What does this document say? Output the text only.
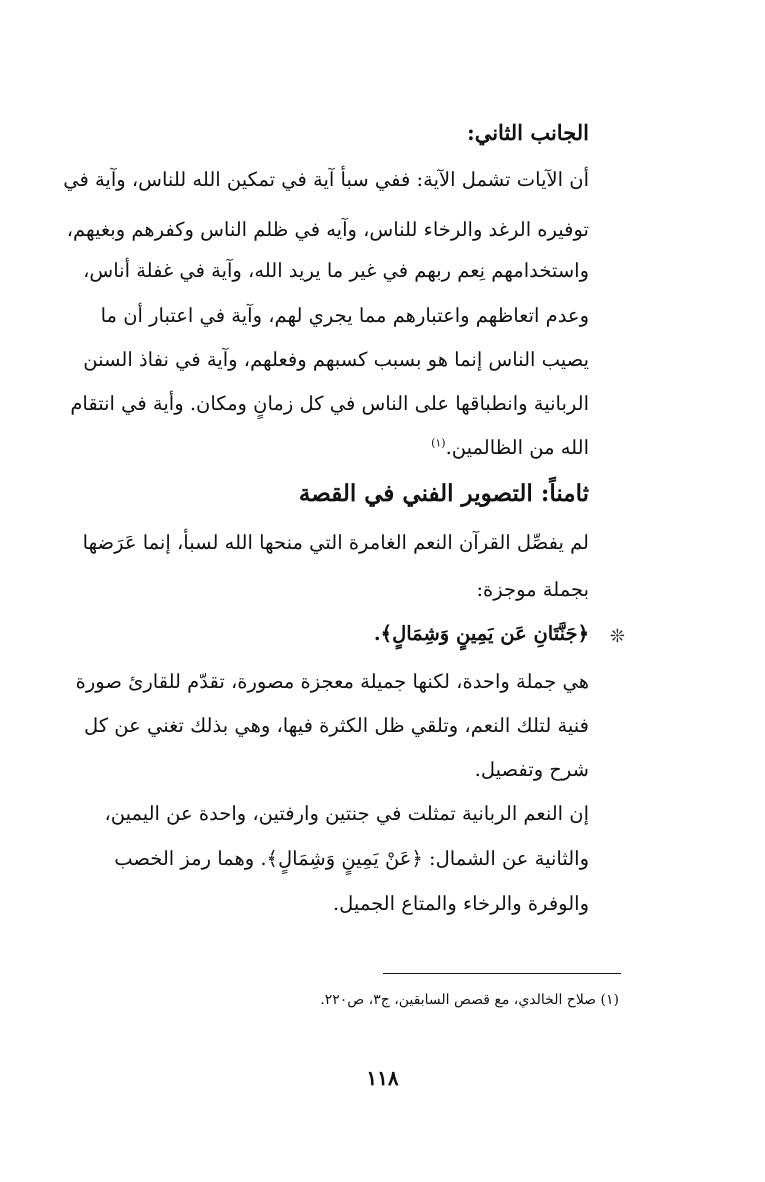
الجانب الثاني:
أن الآيات تشمل الآية: ففي سبأ آية في تمكين الله للناس، وآية في
توفيره الرغد والرخاء للناس، وآيه في ظلم الناس وكفرهم وبغيهم،
واستخدامهم نِعم ربهم في غير ما يريد الله، وآية في غفلة أناس،
وعدم اتعاظهم واعتبارهم مما يجري لهم، وآية في اعتبار أن ما
يصيب الناس إنما هو بسبب كسبهم وفعلهم، وآية في نفاذ السنن
الربانية وانطباقها على الناس في كل زمانٍ ومكان. وأية في انتقام
الله من الظالمين.$^{(١)}$
ثامناً: التصوير الفني في القصة
لم يفصِّل القرآن النعم الغامرة التي منحها الله لسبأ، إنما عَرَضها
بجملة موجزة:
❊
﴿جَنَّتَانِ عَن يَمِينٍ وَشِمَالٍ﴾.
هي جملة واحدة، لكنها جميلة معجزة مصورة، تقدّم للقارئ صورة
فنية لتلك النعم، وتلقي ظل الكثرة فيها، وهي بذلك تغني عن كل
شرح وتفصيل.
إن النعم الربانية تمثلت في جنتين وارفتين، واحدة عن اليمين،
والثانية عن الشمال: ﴿عَنْ يَمِينٍ وَشِمَالٍ﴾. وهما رمز الخصب
والوفرة والرخاء والمتاع الجميل.
(١) صلاح الخالدي، مع قصص السابقين، ج٣، ص٢٢٠.
١١٨
